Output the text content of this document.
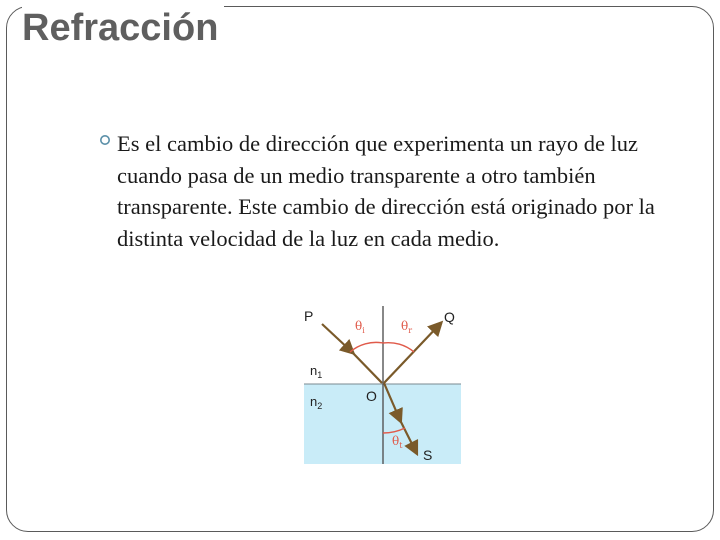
Refracción
Es el cambio de dirección que experimenta un rayo de luz cuando pasa de un medio transparente a otro también transparente. Este cambio de dirección está originado por la distinta velocidad de la luz en cada medio.
P	Q
O
S
$n_1$
$n_2$
$\theta_i$	$\theta_r$
$\theta_t$
